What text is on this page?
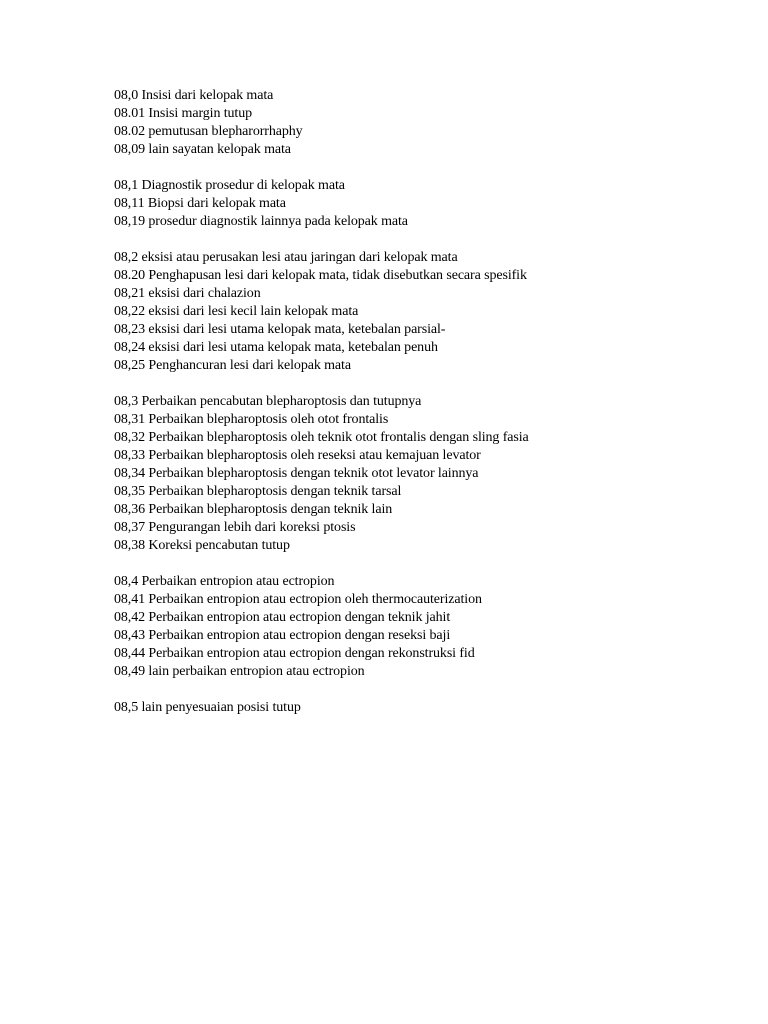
08,0 Insisi dari kelopak mata
08.01 Insisi margin tutup
08.02 pemutusan blepharorrhaphy
08,09 lain sayatan kelopak mata
08,1 Diagnostik prosedur di kelopak mata
08,11 Biopsi dari kelopak mata
08,19 prosedur diagnostik lainnya pada kelopak mata
08,2 eksisi atau perusakan lesi atau jaringan dari kelopak mata
08.20 Penghapusan lesi dari kelopak mata, tidak disebutkan secara spesifik
08,21 eksisi dari chalazion
08,22 eksisi dari lesi kecil lain kelopak mata
08,23 eksisi dari lesi utama kelopak mata, ketebalan parsial-
08,24 eksisi dari lesi utama kelopak mata, ketebalan penuh
08,25 Penghancuran lesi dari kelopak mata
08,3 Perbaikan pencabutan blepharoptosis dan tutupnya
08,31 Perbaikan blepharoptosis oleh otot frontalis
08,32 Perbaikan blepharoptosis oleh teknik otot frontalis dengan sling fasia
08,33 Perbaikan blepharoptosis oleh reseksi atau kemajuan levator
08,34 Perbaikan blepharoptosis dengan teknik otot levator lainnya
08,35 Perbaikan blepharoptosis dengan teknik tarsal
08,36 Perbaikan blepharoptosis dengan teknik lain
08,37 Pengurangan lebih dari koreksi ptosis
08,38 Koreksi pencabutan tutup
08,4 Perbaikan entropion atau ectropion
08,41 Perbaikan entropion atau ectropion oleh thermocauterization
08,42 Perbaikan entropion atau ectropion dengan teknik jahit
08,43 Perbaikan entropion atau ectropion dengan reseksi baji
08,44 Perbaikan entropion atau ectropion dengan rekonstruksi fid
08,49 lain perbaikan entropion atau ectropion
08,5 lain penyesuaian posisi tutup
